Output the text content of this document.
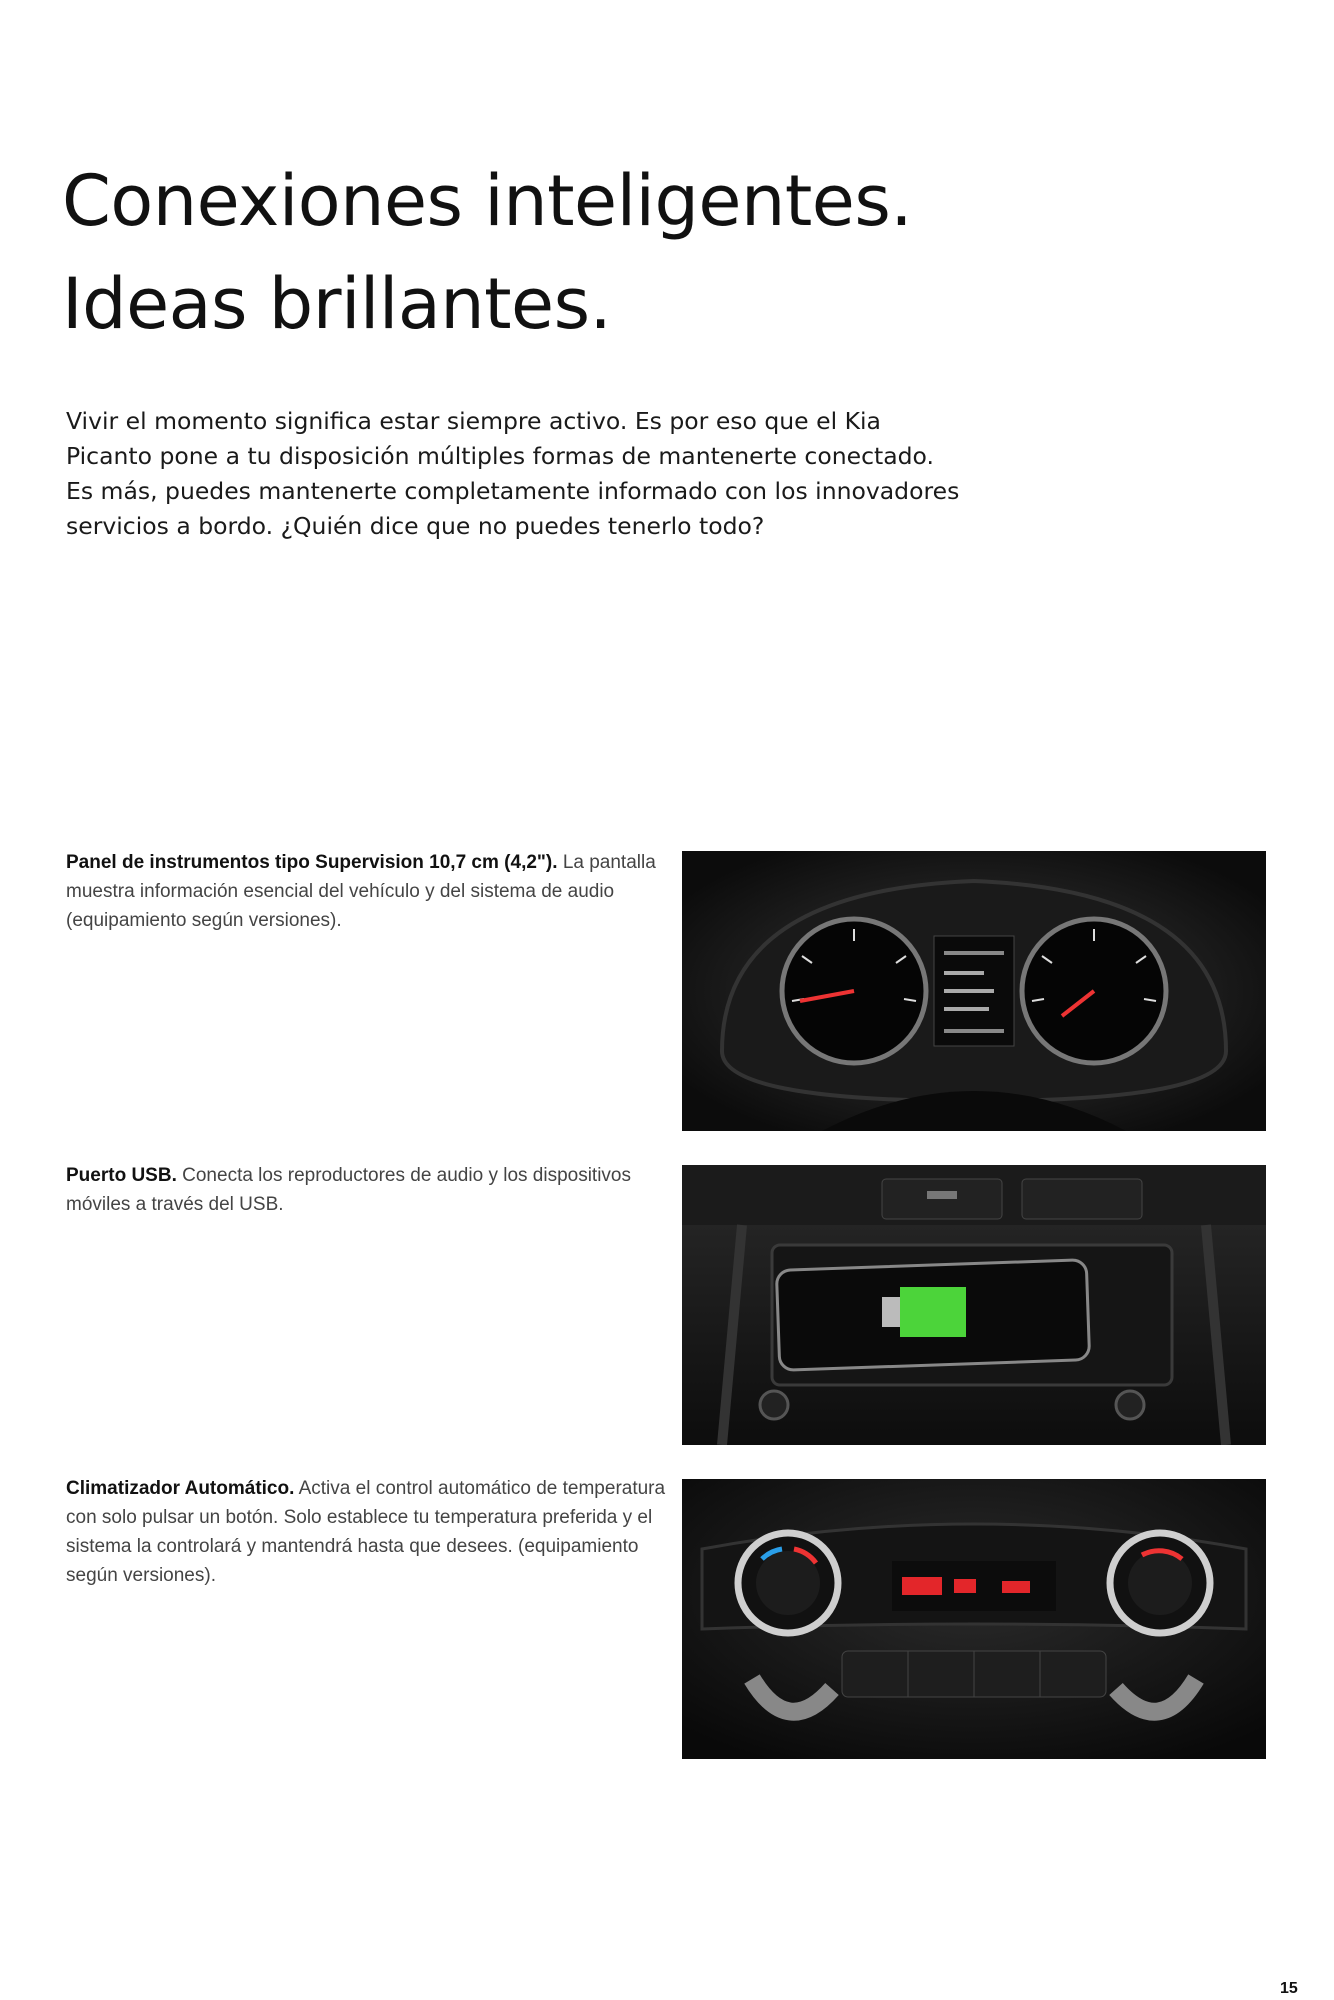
Conexiones inteligentes.
Ideas brillantes.

Vivir el momento significa estar siempre activo. Es por eso que el Kia Picanto pone a tu disposición múltiples formas de mantenerte conectado. Es más, puedes mantenerte completamente informado con los innovadores servicios a bordo. ¿Quién dice que no puedes tenerlo todo?

Panel de instrumentos tipo Supervision 10,7 cm (4,2"). La pantalla muestra información esencial del vehículo y del sistema de audio (equipamiento según versiones).

Puerto USB. Conecta los reproductores de audio y los dispositivos móviles a través del USB.

Climatizador Automático. Activa el control automático de temperatura con solo pulsar un botón. Solo establece tu temperatura preferida y el sistema la controlará y mantendrá hasta que desees. (equipamiento según versiones).

15
